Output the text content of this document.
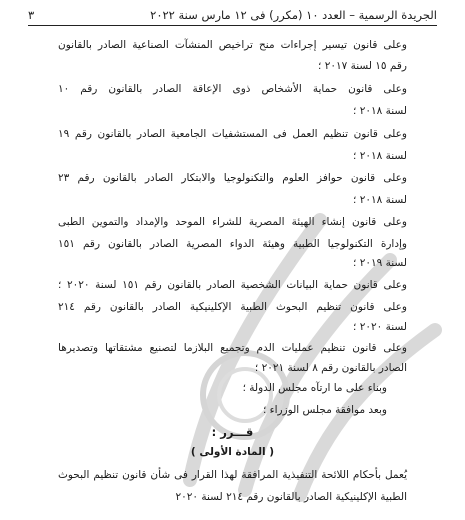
الجريدة الرسمية – العدد ١٠ (مكرر) فى ١٢ مارس سنة ٢٠٢٢
٣
وعلى قانون تيسير إجراءات منح تراخيص المنشآت الصناعية الصادر بالقانون
رقم ١٥ لسنة ٢٠١٧ ؛
وعلى قانون حماية الأشخاص ذوى الإعاقة الصادر بالقانون رقم ١٠
لسنة ٢٠١٨ ؛
وعلى قانون تنظيم العمل فى المستشفيات الجامعية الصادر بالقانون رقم ١٩
لسنة ٢٠١٨ ؛
وعلى قانون حوافز العلوم والتكنولوجيا والابتكار الصادر بالقانون رقم ٢٣
لسنة ٢٠١٨ ؛
وعلى قانون إنشاء الهيئة المصرية للشراء الموحد والإمداد والتموين الطبى
وإدارة التكنولوجيا الطبية وهيئة الدواء المصرية الصادر بالقانون رقم ١٥١
لسنة ٢٠١٩ ؛
وعلى قانون حماية البيانات الشخصية الصادر بالقانون رقم ١٥١ لسنة ٢٠٢٠ ؛
وعلى قانون تنظيم البحوث الطبية الإكلينيكية الصادر بالقانون رقم ٢١٤
لسنة ٢٠٢٠ ؛
وعلى قانون تنظيم عمليات الدم وتجميع البلازما لتصنيع مشتقاتها وتصديرها
الصادر بالقانون رقم ٨ لسنة ٢٠٢١ ؛
وبناء على ما ارتآه مجلس الدولة ؛
وبعد موافقة مجلس الوزراء ؛
قـــرر :
( المادة الأولى )
يُعمل بأحكام اللائحة التنفيذية المرافقة لهذا القرار فى شأن قانون تنظيم البحوث
الطبية الإكلينيكية الصادر بالقانون رقم ٢١٤ لسنة ٢٠٢٠
